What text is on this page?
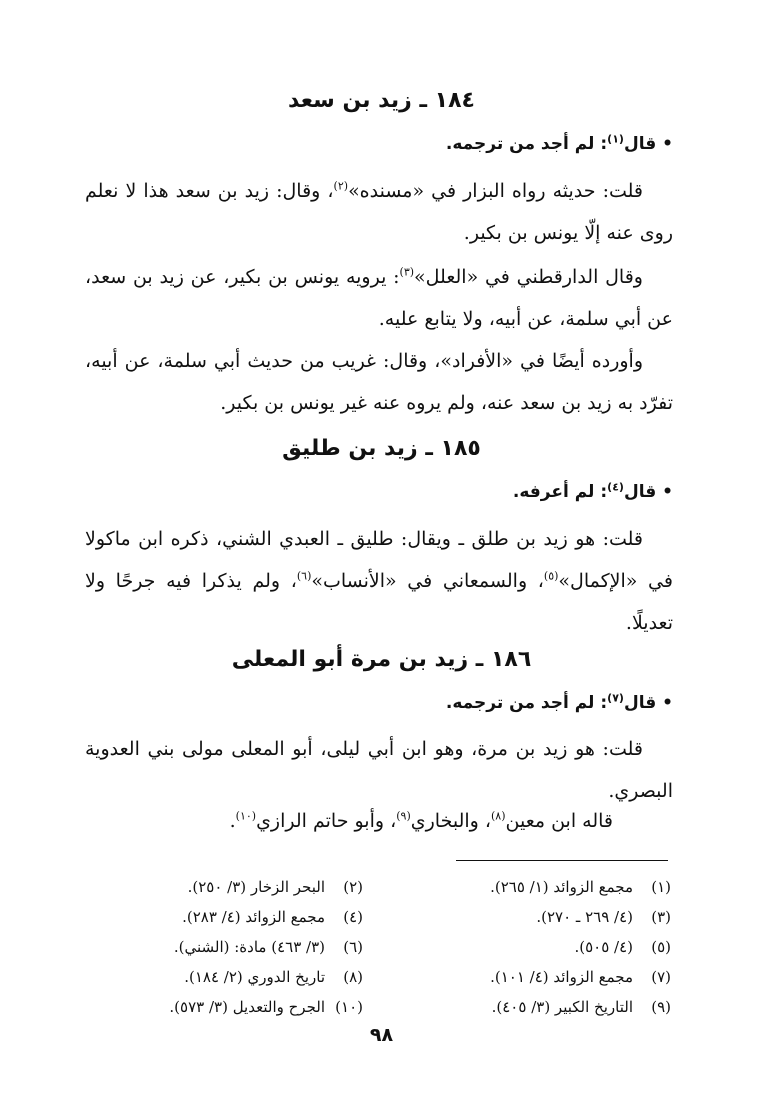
١٨٤ ـ زيد بن سعد
• قال$^{(١)}$: لم أجد من ترجمه.
قلت: حديثه رواه البزار في «مسنده»$^{(٢)}$، وقال: زيد بن سعد هذا لا نعلم روى عنه إلّا يونس بن بكير.
وقال الدارقطني في «العلل»$^{(٣)}$: يرويه يونس بن بكير، عن زيد بن سعد، عن أبي سلمة، عن أبيه، ولا يتابع عليه.
وأورده أيضًا في «الأفراد»، وقال: غريب من حديث أبي سلمة، عن أبيه، تفرّد به زيد بن سعد عنه، ولم يروه عنه غير يونس بن بكير.
١٨٥ ـ زيد بن طليق
• قال$^{(٤)}$: لم أعرفه.
قلت: هو زيد بن طلق ـ ويقال: طليق ـ العبدي الشني، ذكره ابن ماكولا في «الإكمال»$^{(٥)}$، والسمعاني في «الأنساب»$^{(٦)}$، ولم يذكرا فيه جرحًا ولا تعديلًا.
١٨٦ ـ زيد بن مرة أبو المعلى
• قال$^{(٧)}$: لم أجد من ترجمه.
قلت: هو زيد بن مرة، وهو ابن أبي ليلى، أبو المعلى مولى بني العدوية البصري.
قاله ابن معين$^{(٨)}$، والبخاري$^{(٩)}$، وأبو حاتم الرازي$^{(١٠)}$.
(١)مجمع الزوائد (١/ ٢٦٥).
(٣)(٤/ ٢٦٩ ـ ٢٧٠).
(٥)(٤/ ٥٠٥).
(٧)مجمع الزوائد (٤/ ١٠١).
(٩)التاريخ الكبير (٣/ ٤٠٥).
(٢)البحر الزخار (٣/ ٢٥٠).
(٤)مجمع الزوائد (٤/ ٢٨٣).
(٦)(٣/ ٤٦٣) مادة: (الشني).
(٨)تاريخ الدوري (٢/ ١٨٤).
(١٠)الجرح والتعديل (٣/ ٥٧٣).
٩٨
